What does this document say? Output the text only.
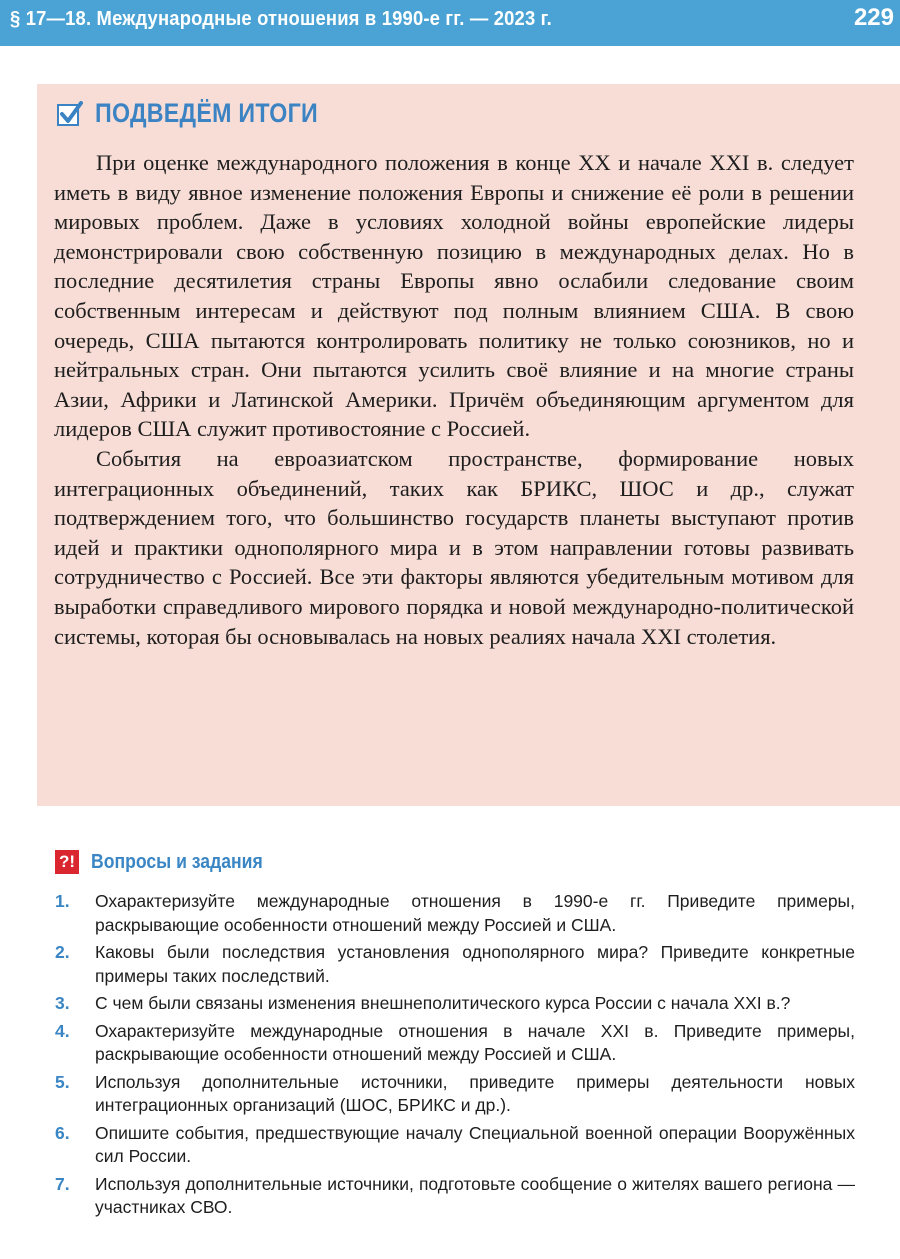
§ 17—18. Международные отношения в 1990-е гг. — 2023 г.	229
ПОДВЕДЁМ ИТОГИ

При оценке международного положения в конце XX и начале XXI в. следует иметь в виду явное изменение положения Европы и снижение её роли в решении мировых проблем. Даже в условиях холодной войны европейские лидеры демонстрировали свою собственную позицию в международных делах. Но в последние десятилетия страны Европы явно ослабили следование своим собственным интересам и действуют под полным влиянием США. В свою очередь, США пытаются контролировать политику не только союзников, но и нейтральных стран. Они пытаются усилить своё влияние и на многие страны Азии, Африки и Латинской Америки. Причём объединяющим аргументом для лидеров США служит противостояние с Россией.

События на евроазиатском пространстве, формирование новых интеграционных объединений, таких как БРИКС, ШОС и др., служат подтверждением того, что большинство государств планеты выступают против идей и практики однополярного мира и в этом направлении готовы развивать сотрудничество с Россией. Все эти факторы являются убедительным мотивом для выработки справедливого мирового порядка и новой международно-политической системы, которая бы основывалась на новых реалиях начала XXI столетия.

?! Вопросы и задания
1.	Охарактеризуйте международные отношения в 1990-е гг. Приведите примеры, раскрывающие особенности отношений между Россией и США.
2.	Каковы были последствия установления однополярного мира? Приведите конкретные примеры таких последствий.
3.	С чем были связаны изменения внешнеполитического курса России с начала XXI в.?
4.	Охарактеризуйте международные отношения в начале XXI в. Приведите примеры, раскрывающие особенности отношений между Россией и США.
5.	Используя дополнительные источники, приведите примеры деятельности новых интеграционных организаций (ШОС, БРИКС и др.).
6.	Опишите события, предшествующие началу Специальной военной операции Вооружённых сил России.
7.	Используя дополнительные источники, подготовьте сообщение о жителях вашего региона — участниках СВО.
